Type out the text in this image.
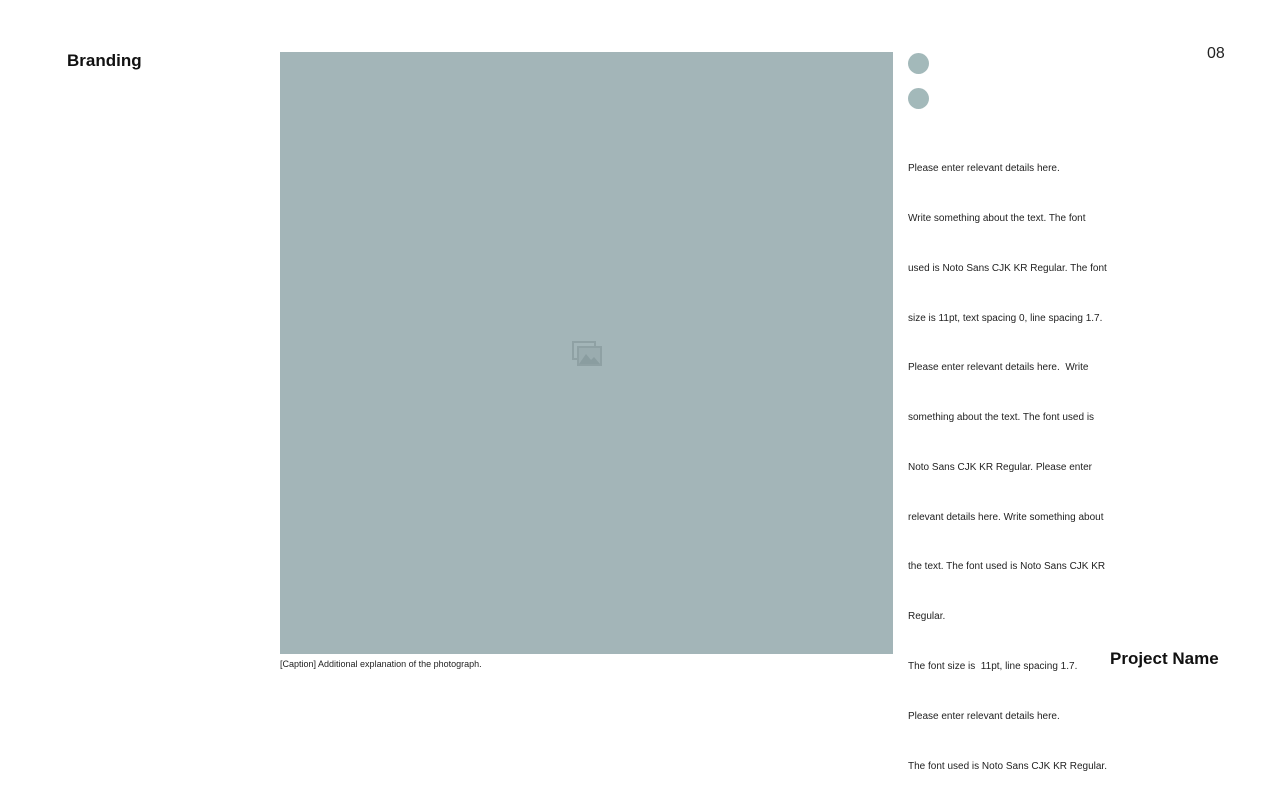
Branding	08
[Caption] Additional explanation of the photograph.

Please enter relevant details here.

Write something about the text. The font

used is Noto Sans CJK KR Regular. The font

size is 11pt, text spacing 0, line spacing 1.7.

Please enter relevant details here.  Write

something about the text. The font used is

Noto Sans CJK KR Regular. Please enter

relevant details here. Write something about

the text. The font used is Noto Sans CJK KR

Regular.

The font size is  11pt, line spacing 1.7.

Please enter relevant details here.

The font used is Noto Sans CJK KR Regular.

Project Name
